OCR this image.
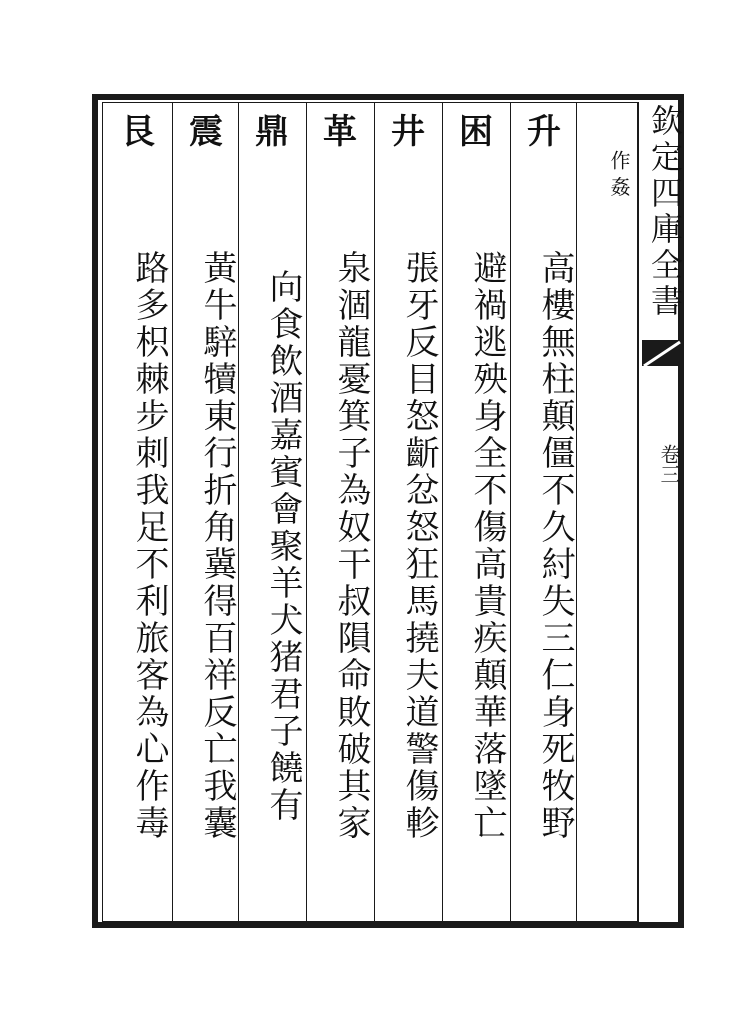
欽定四庫全書
卷三
作 姦
升
高樓無柱顛僵不久紂失三仁身死牧野
困
避禍逃殃身全不傷高貴疾顛華落墜亡
井
張牙反目怒齗忿怒狂馬撓夫道警傷軫
革
泉涸龍憂箕子為奴干叔隕命敗破其家
鼎
向食飲酒嘉賓會聚羊犬猪君子饒有
震
黃牛騂犢東行折角冀得百祥反亡我囊
艮
路多枳棘步刺我足不利旅客為心作毒
